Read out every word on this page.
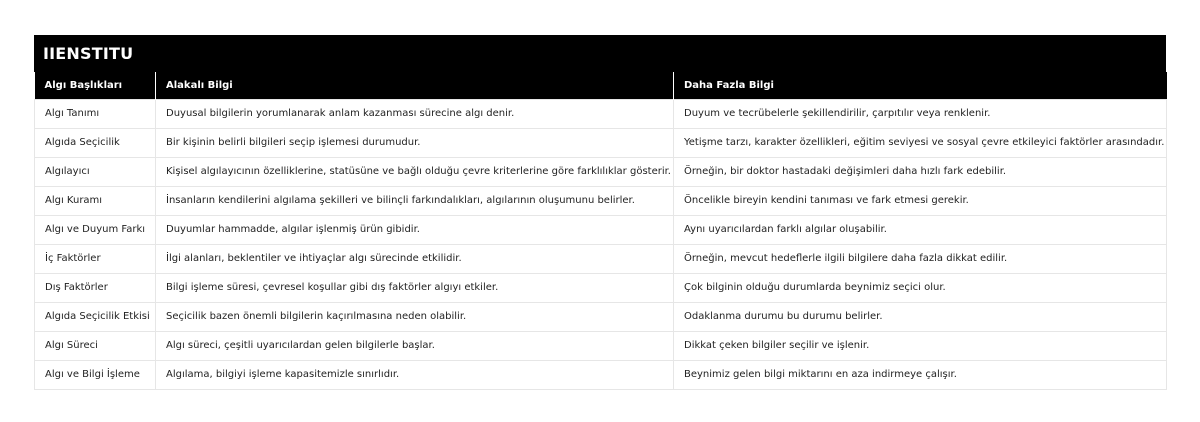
IIENSTITU
Algı Başlıkları	Alakalı Bilgi	Daha Fazla Bilgi
Algı Tanımı	Duyusal bilgilerin yorumlanarak anlam kazanması sürecine algı denir.	Duyum ve tecrübelerle şekillendirilir, çarpıtılır veya renklenir.
Algıda Seçicilik	Bir kişinin belirli bilgileri seçip işlemesi durumudur.	Yetişme tarzı, karakter özellikleri, eğitim seviyesi ve sosyal çevre etkileyici faktörler arasındadır.
Algılayıcı	Kişisel algılayıcının özelliklerine, statüsüne ve bağlı olduğu çevre kriterlerine göre farklılıklar gösterir.	Örneğin, bir doktor hastadaki değişimleri daha hızlı fark edebilir.
Algı Kuramı	İnsanların kendilerini algılama şekilleri ve bilinçli farkındalıkları, algılarının oluşumunu belirler.	Öncelikle bireyin kendini tanıması ve fark etmesi gerekir.
Algı ve Duyum Farkı	Duyumlar hammadde, algılar işlenmiş ürün gibidir.	Aynı uyarıcılardan farklı algılar oluşabilir.
İç Faktörler	İlgi alanları, beklentiler ve ihtiyaçlar algı sürecinde etkilidir.	Örneğin, mevcut hedeflerle ilgili bilgilere daha fazla dikkat edilir.
Dış Faktörler	Bilgi işleme süresi, çevresel koşullar gibi dış faktörler algıyı etkiler.	Çok bilginin olduğu durumlarda beynimiz seçici olur.
Algıda Seçicilik Etkisi	Seçicilik bazen önemli bilgilerin kaçırılmasına neden olabilir.	Odaklanma durumu bu durumu belirler.
Algı Süreci	Algı süreci, çeşitli uyarıcılardan gelen bilgilerle başlar.	Dikkat çeken bilgiler seçilir ve işlenir.
Algı ve Bilgi İşleme	Algılama, bilgiyi işleme kapasitemizle sınırlıdır.	Beynimiz gelen bilgi miktarını en aza indirmeye çalışır.
